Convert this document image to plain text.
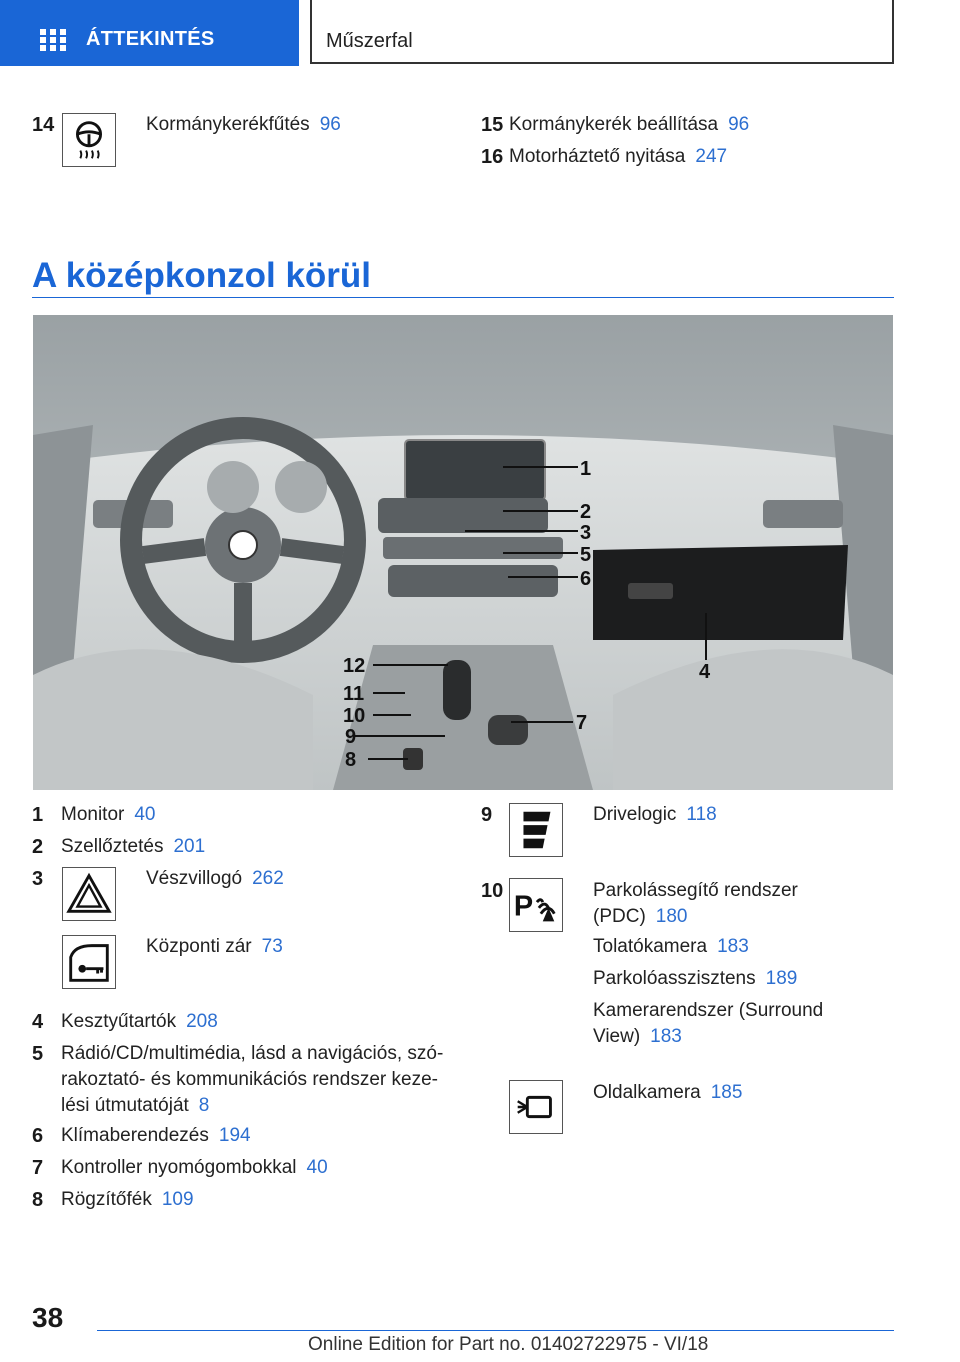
ÁTTEKINTÉS	Műszerfal
14	Kormánykerékfűtés 96	15 Kormánykerék beállítása 96
16 Motorháztető nyitása 247
A középkonzol körül
1
2
3
5
6
4
12
11
10
9
8
7
1 Monitor 40
2 Szellőztetés 201
3	Vészvillogó 262
Központi zár 73
4 Kesztyűtartók 208
5 Rádió/CD/multimédia, lásd a navigációs, szó-
rakoztató- és kommunikációs rendszer keze-
lési útmutatóját 8
6 Klímaberendezés 194
7 Kontroller nyomógombokkal 40
8 Rögzítőfék 109
9	Drivelogic 118
10 P
Parkolássegítő rendszer
(PDC) 180
Tolatókamera 183
Parkolóasszisztens 189
Kamerarendszer (Surround
View) 183
Oldalkamera 185
38
Online Edition for Part no. 01402722975 - VI/18
